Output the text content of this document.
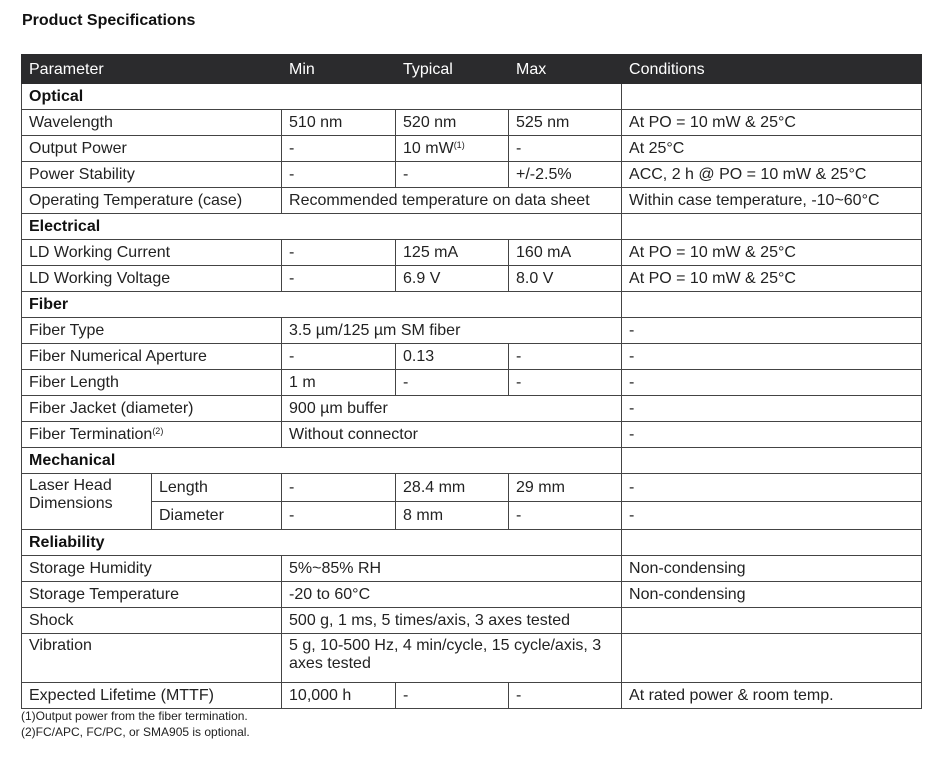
Product Specifications
Parameter		Min	Typical	Max	Conditions
Optical					
Wavelength		510 nm	520 nm	525 nm	At PO = 10 mW & 25°C
Output Power		-	10 $mW^{(1)}$	-	At 25°C
Power Stability		-	-	+/-2.5%	ACC, 2 h @ PO = 10 mW & 25°C
Operating Temperature (case)		Recommended temperature on data sheet			Within case temperature, -10~60°C
Electrical					
LD Working Current		-	125 mA	160 mA	At PO = 10 mW & 25°C
LD Working Voltage		-	6.9 V	8.0 V	At PO = 10 mW & 25°C
Fiber					
Fiber Type		3.5 µm/125 µm SM fiber			-
Fiber Numerical Aperture		-	0.13	-	-
Fiber Length		1 m	-	-	-
Fiber Jacket (diameter)		900 µm buffer			-
Fiber Termination$^{(2)}$		Without connector			-
Mechanical					
Laser Head Dimensions	Length	-	28.4 mm	29 mm	-
	Diameter	-	8 mm	-	-
Reliability					
Storage Humidity		5%~85% RH			Non-condensing
Storage Temperature		-20 to 60°C			Non-condensing
Shock		500 g, 1 ms, 5 times/axis, 3 axes tested			
Vibration		5 g, 10-500 Hz, 4 min/cycle, 15 cycle/axis, 3 axes tested			
Expected Lifetime (MTTF)		10,000 h	-	-	At rated power & room temp.
(1)Output power from the fiber termination.
(2)FC/APC, FC/PC, or SMA905 is optional.
